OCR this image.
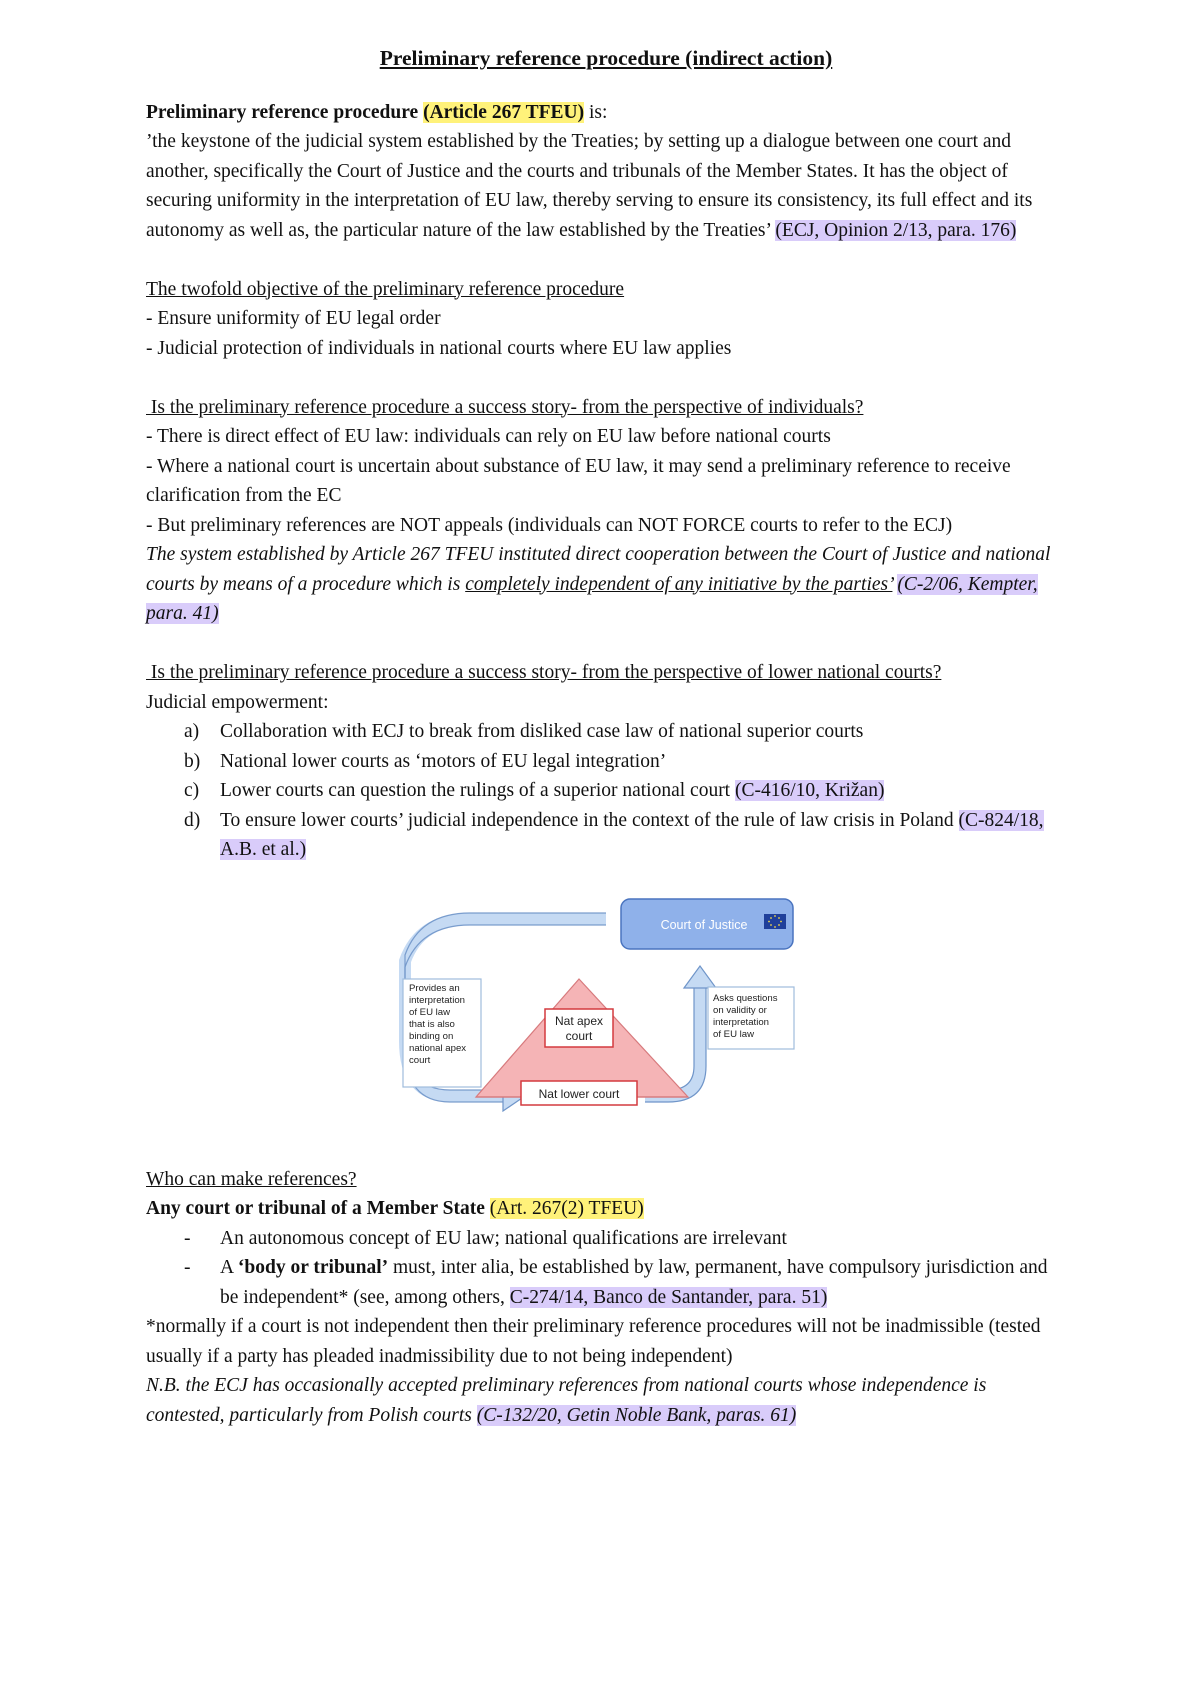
Preliminary reference procedure (indirect action)

Preliminary reference procedure (Article 267 TFEU) is:

’the keystone of the judicial system established by the Treaties; by setting up a dialogue between one court and another, specifically the Court of Justice and the courts and tribunals of the Member States. It has the object of securing uniformity in the interpretation of EU law, thereby serving to ensure its consistency, its full effect and its autonomy as well as, the particular nature of the law established by the Treaties’ (ECJ, Opinion 2/13, para. 176)

The twofold objective of the preliminary reference procedure

- Ensure uniformity of EU legal order

- Judicial protection of individuals in national courts where EU law applies

Is the preliminary reference procedure a success story- from the perspective of individuals?

- There is direct effect of EU law: individuals can rely on EU law before national courts

- Where a national court is uncertain about substance of EU law, it may send a preliminary reference to receive clarification from the EC

- But preliminary references are NOT appeals (individuals can NOT FORCE courts to refer to the ECJ)

The system established by Article 267 TFEU instituted direct cooperation between the Court of Justice and national courts by means of a procedure which is completely independent of any initiative by the parties’ (C-2/06, Kempter, para. 41)

Is the preliminary reference procedure a success story- from the perspective of lower national courts?

Judicial empowerment:

a) Collaboration with ECJ to break from disliked case law of national superior courts
b) National lower courts as ‘motors of EU legal integration’
c) Lower courts can question the rulings of a superior national court (C-416/10, Križan)
d) To ensure lower courts’ judicial independence in the context of the rule of law crisis in Poland (C-824/18, A.B. et al.)
Court of Justice
Nat apex
court
Nat lower court
Provides an
interpretation
of EU law
that is also
binding on
national apex
court
Asks questions
on validity or
interpretation
of EU law

Who can make references?

Any court or tribunal of a Member State (Art. 267(2) TFEU)

- An autonomous concept of EU law; national qualifications are irrelevant
- A ‘body or tribunal’ must, inter alia, be established by law, permanent, have compulsory jurisdiction and be independent* (see, among others, C-274/14, Banco de Santander, para. 51)

*normally if a court is not independent then their preliminary reference procedures will not be inadmissible (tested usually if a party has pleaded inadmissibility due to not being independent)

N.B. the ECJ has occasionally accepted preliminary references from national courts whose independence is contested, particularly from Polish courts (C-132/20, Getin Noble Bank, paras. 61)
